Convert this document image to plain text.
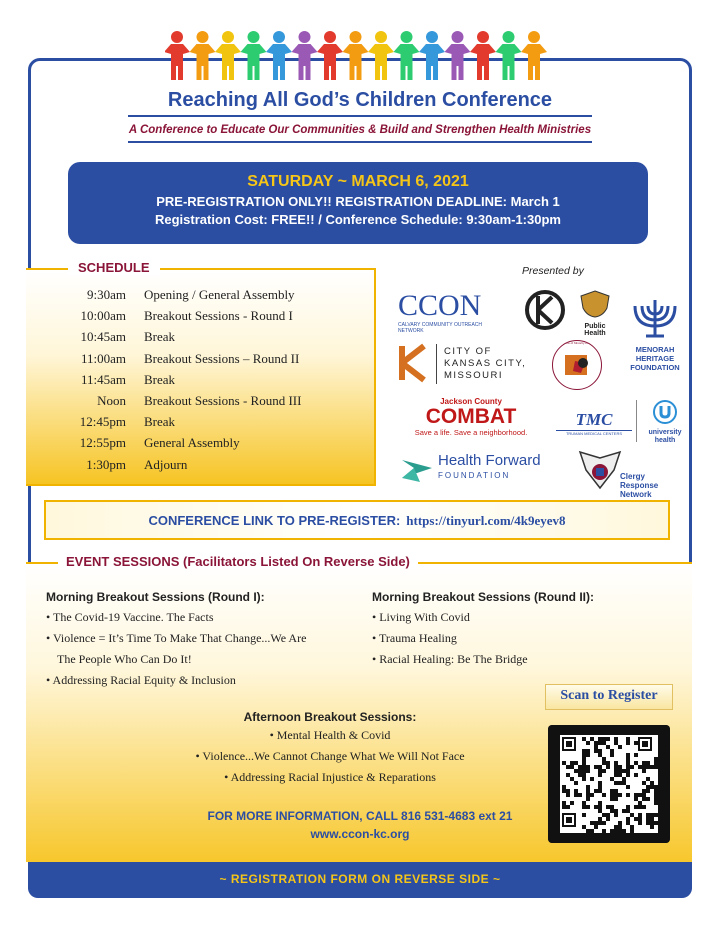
Reaching All God’s Children Conference
A Conference to Educate Our Communities & Build and Strengthen Health Ministries
SATURDAY ~ MARCH 6, 2021
PRE-REGISTRATION ONLY!! REGISTRATION DEADLINE: March 1
Registration Cost: FREE!! / Conference Schedule: 9:30am-1:30pm
SCHEDULE
9:30am Opening / General Assembly
10:00am Breakout Sessions - Round I
10:45am Break
11:00am Breakout Sessions – Round II
11:45am Break
Noon Breakout Sessions - Round III
12:45pm Break
12:55pm General Assembly
1:30pm Adjourn
Presented by
CCON
CALVARY COMMUNITY OUTREACH NETWORK
Public Health
MENORAH HERITAGE FOUNDATION
CITY OF KANSAS CITY, MISSOURI
Office of Minority Health
Jackson County
COMBAT
Save a life. Save a neighborhood.
TMC
TRUMAN MEDICAL CENTERS	university health
Health Forward
FOUNDATION	Clergy Response Network
CONFERENCE LINK TO PRE-REGISTER: https://tinyurl.com/4k9eyev8
EVENT SESSIONS (Facilitators Listed On Reverse Side)
Morning Breakout Sessions (Round I):
• The Covid-19 Vaccine. The Facts
• Violence = It’s Time To Make That Change...We Are
The People Who Can Do It!
• Addressing Racial Equity & Inclusion
Morning Breakout Sessions (Round II):
• Living With Covid
• Trauma Healing
• Racial Healing: Be The Bridge
Afternoon Breakout Sessions:
• Mental Health & Covid
• Violence...We Cannot Change What We Will Not Face
• Addressing Racial Injustice & Reparations
Scan to Register
FOR MORE INFORMATION, CALL 816 531-4683 ext 21
www.ccon-kc.org
~ REGISTRATION FORM ON REVERSE SIDE ~
